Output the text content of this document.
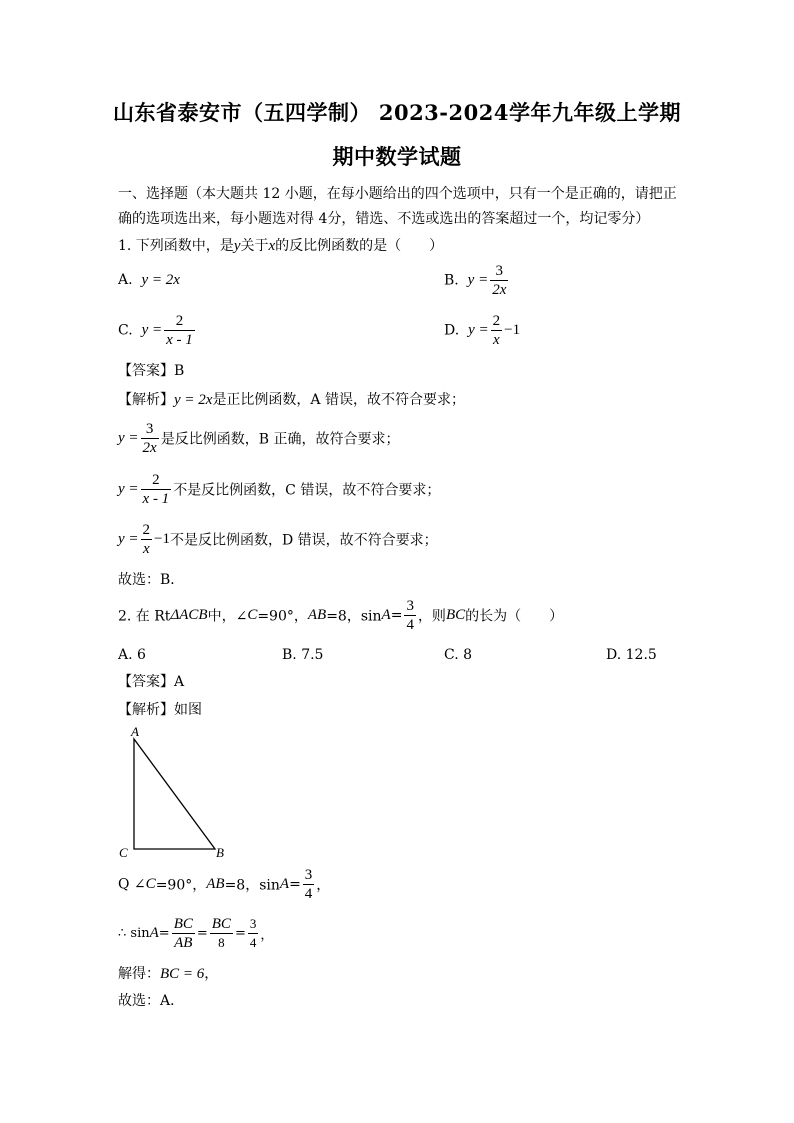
山东省泰安市（五四学制） 2023-2024学年九年级上学期
期中数学试题
一、选择题（本大题共 12 小题，在每小题给出的四个选项中，只有一个是正确的，请把正
确的选项选出来，每小题选对得 4分，错选、不选或选出的答案超过一个，均记零分）
1. 下列函数中，是y关于x的反比例函数的是（　　）
A. y = 2x	B. $y = \frac{3}{2x}$
C. $y = \frac{2}{x - 1}$	D. $y = \frac{2}{x} -1$
【答案】B
【解析】y = 2x是正比例函数，A 错误，故不符合要求；
$y = \frac{3}{2x}$ 是反比例函数，B 正确，故符合要求；
$y = \frac{2}{x - 1}$ 不是反比例函数，C 错误，故不符合要求；
$y = \frac{2}{x} -1$不是反比例函数，D 错误，故不符合要求；
故选：B．
2. 在 RtΔACB中，∠C=90°，AB=8，$\sin A= \frac{3}{4}$ ，则BC的长为（　　）
A. 6	B. 7.5	C. 8	D. 12.5
【答案】A
【解析】如图
A
C	B
Q ∠C=90°，AB=8，$\sin A= \frac{3}{4}$ ，
∴ $\sin A= \frac{BC}{AB} = \frac{BC}{8} = \frac{3}{4}$ ，
解得：BC = 6，
故选：A．
